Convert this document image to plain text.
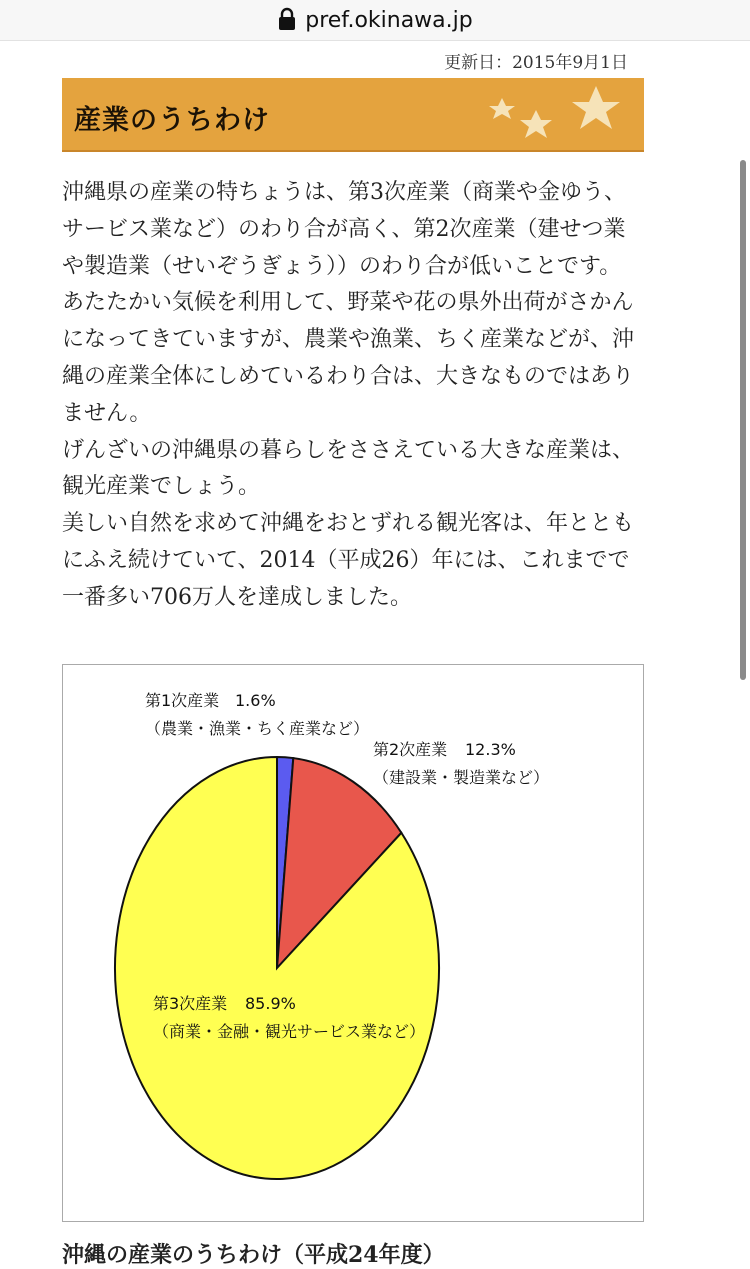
pref.okinawa.jp
更新日：2015年9月1日
産業のうちわけ

沖縄県の産業の特ちょうは、第3次産業（商業や金ゆう、サービス業など）のわり合が高く、第2次産業（建せつ業や製造業（せいぞうぎょう））のわり合が低いことです。

あたたかい気候を利用して、野菜や花の県外出荷がさかんになってきていますが、農業や漁業、ちく産業などが、沖縄の産業全体にしめているわり合は、大きなものではありません。

げんざいの沖縄県の暮らしをささえている大きな産業は、観光産業でしょう。

美しい自然を求めて沖縄をおとずれる観光客は、年とともにふえ続けていて、2014（平成26）年には、これまでで一番多い706万人を達成しました。

第1次産業 1.6%
（農業・漁業・ちく産業など）
第2次産業 12.3%
（建設業・製造業など）
第3次産業 85.9%
（商業・金融・観光サービス業など）
沖縄の産業のうちわけ（平成24年度）
